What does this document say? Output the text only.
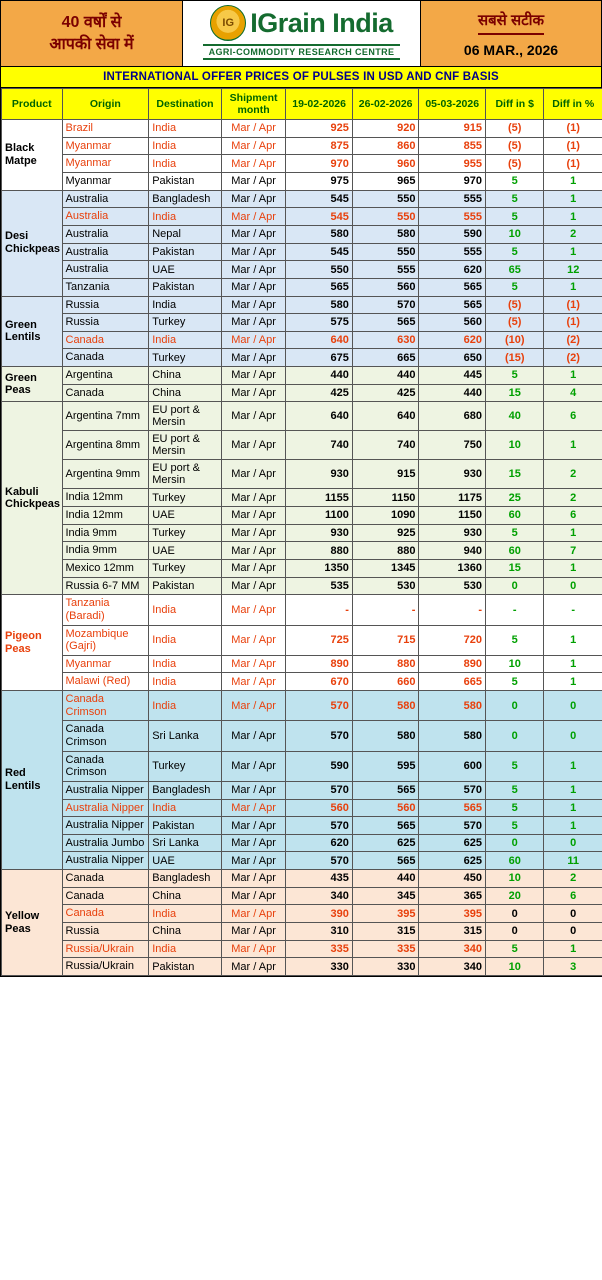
40 वर्षों से
आपकी सेवा में
IG
IGrain India
AGRI-COMMODITY RESEARCH CENTRE
सबसे सटीक
06 MAR., 2026
INTERNATIONAL OFFER PRICES OF PULSES IN USD AND CNF BASIS
Product	Origin	Destination	Shipment month	19-02-2026	26-02-2026	05-03-2026	Diff in $	Diff in %
Black Matpe	Brazil	India	Mar / Apr	925	920	915	(5)	(1)
	Myanmar	India	Mar / Apr	875	860	855	(5)	(1)
	Myanmar	India	Mar / Apr	970	960	955	(5)	(1)
	Myanmar	Pakistan	Mar / Apr	975	965	970	5	1
Desi Chickpeas	Australia	Bangladesh	Mar / Apr	545	550	555	5	1
	Australia	India	Mar / Apr	545	550	555	5	1
	Australia	Nepal	Mar / Apr	580	580	590	10	2
	Australia	Pakistan	Mar / Apr	545	550	555	5	1
	Australia	UAE	Mar / Apr	550	555	620	65	12
	Tanzania	Pakistan	Mar / Apr	565	560	565	5	1
Green Lentils	Russia	India	Mar / Apr	580	570	565	(5)	(1)
	Russia	Turkey	Mar / Apr	575	565	560	(5)	(1)
	Canada	India	Mar / Apr	640	630	620	(10)	(2)
	Canada	Turkey	Mar / Apr	675	665	650	(15)	(2)
Green Peas	Argentina	China	Mar / Apr	440	440	445	5	1
	Canada	China	Mar / Apr	425	425	440	15	4
Kabuli Chickpeas	Argentina 7mm	EU port & Mersin	Mar / Apr	640	640	680	40	6
	Argentina 8mm	EU port & Mersin	Mar / Apr	740	740	750	10	1
	Argentina 9mm	EU port & Mersin	Mar / Apr	930	915	930	15	2
	India 12mm	Turkey	Mar / Apr	1155	1150	1175	25	2
	India 12mm	UAE	Mar / Apr	1100	1090	1150	60	6
	India 9mm	Turkey	Mar / Apr	930	925	930	5	1
	India 9mm	UAE	Mar / Apr	880	880	940	60	7
	Mexico 12mm	Turkey	Mar / Apr	1350	1345	1360	15	1
	Russia 6-7 MM	Pakistan	Mar / Apr	535	530	530	0	0
Pigeon Peas	Tanzania (Baradi)	India	Mar / Apr	-	-	-	-	-
	Mozambique (Gajri)	India	Mar / Apr	725	715	720	5	1
	Myanmar	India	Mar / Apr	890	880	890	10	1
	Malawi (Red)	India	Mar / Apr	670	660	665	5	1
Red Lentils	Canada Crimson	India	Mar / Apr	570	580	580	0	0
	Canada Crimson	Sri Lanka	Mar / Apr	570	580	580	0	0
	Canada Crimson	Turkey	Mar / Apr	590	595	600	5	1
	Australia Nipper	Bangladesh	Mar / Apr	570	565	570	5	1
	Australia Nipper	India	Mar / Apr	560	560	565	5	1
	Australia Nipper	Pakistan	Mar / Apr	570	565	570	5	1
	Australia Jumbo	Sri Lanka	Mar / Apr	620	625	625	0	0
	Australia Nipper	UAE	Mar / Apr	570	565	625	60	11
Yellow Peas	Canada	Bangladesh	Mar / Apr	435	440	450	10	2
	Canada	China	Mar / Apr	340	345	365	20	6
	Canada	India	Mar / Apr	390	395	395	0	0
	Russia	China	Mar / Apr	310	315	315	0	0
	Russia/Ukrain	India	Mar / Apr	335	335	340	5	1
	Russia/Ukrain	Pakistan	Mar / Apr	330	330	340	10	3
